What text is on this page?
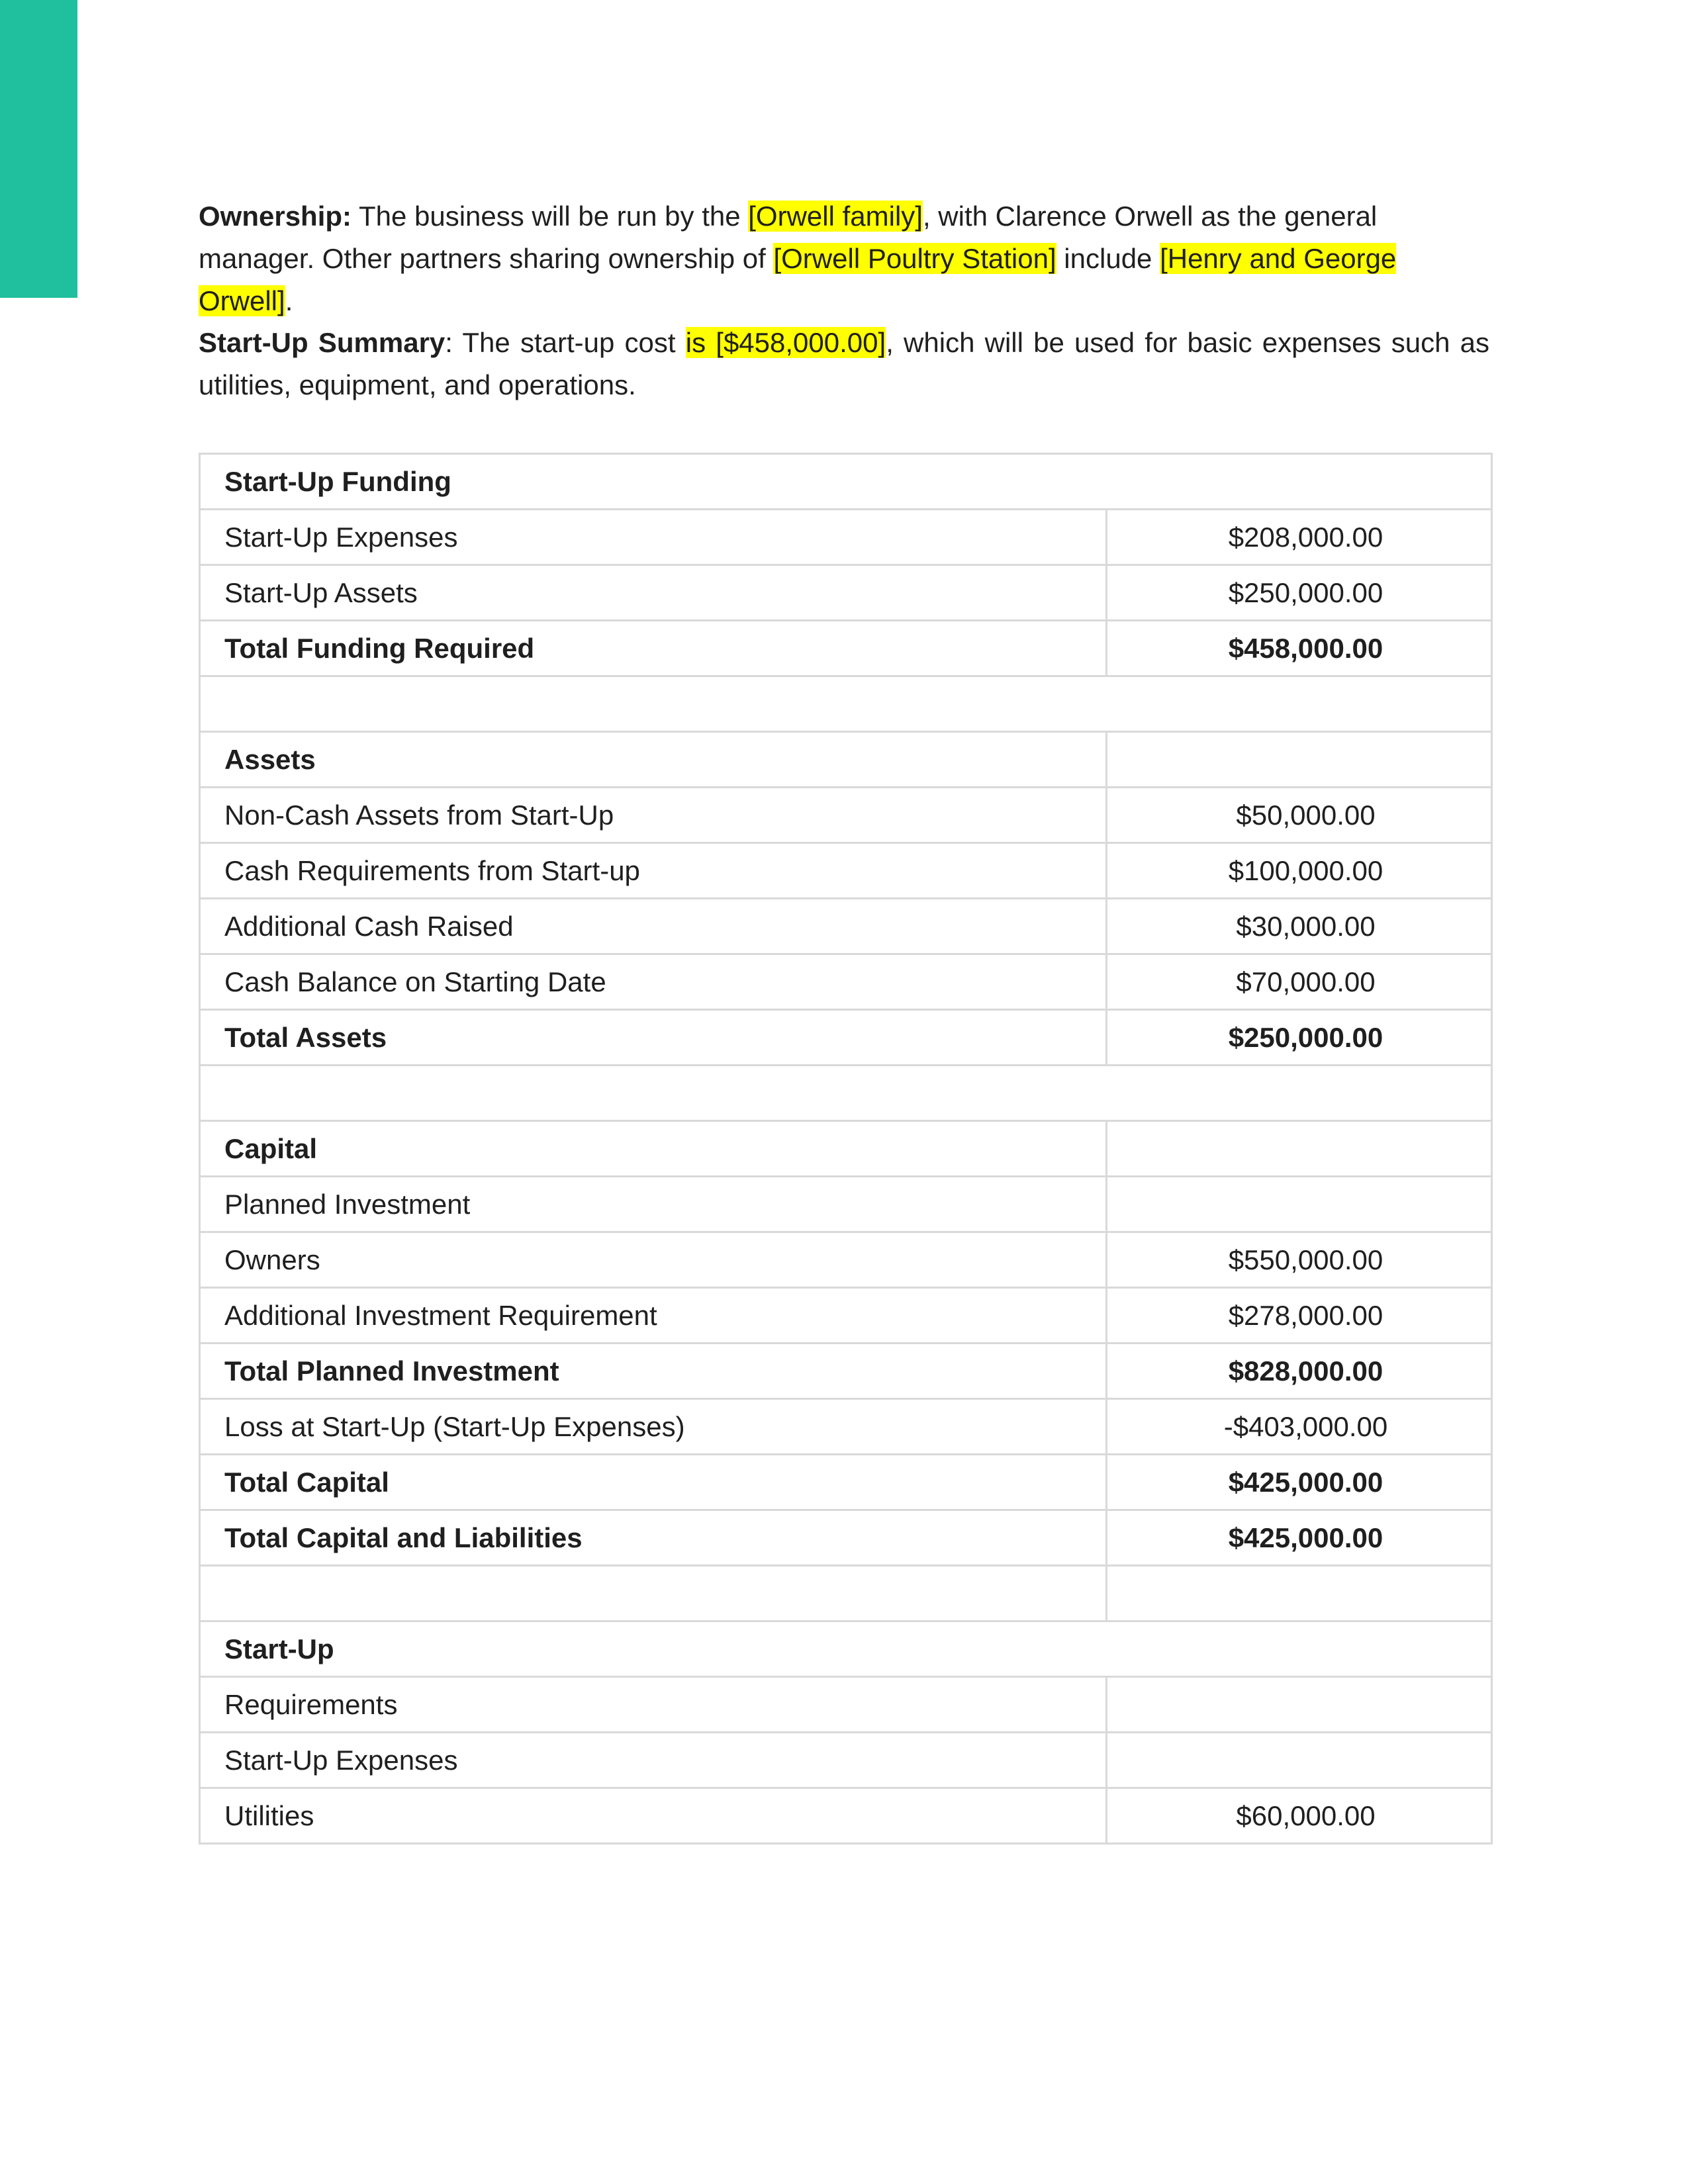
Ownership: The business will be run by the [Orwell family], with Clarence Orwell as the general manager. Other partners sharing ownership of [Orwell Poultry Station] include [Henry and George Orwell].

Start-Up Summary: The start-up cost is [$458,000.00], which will be used for basic expenses such as utilities, equipment, and operations.

Start-Up Funding	
Start-Up Expenses	$208,000.00
Start-Up Assets	$250,000.00
Total Funding Required	$458,000.00

Assets	
Non-Cash Assets from Start-Up	$50,000.00
Cash Requirements from Start-up	$100,000.00
Additional Cash Raised	$30,000.00
Cash Balance on Starting Date	$70,000.00
Total Assets	$250,000.00

Capital	
Planned Investment	
Owners	$550,000.00
Additional Investment Requirement	$278,000.00
Total Planned Investment	$828,000.00
Loss at Start-Up (Start-Up Expenses)	-$403,000.00
Total Capital	$425,000.00
Total Capital and Liabilities	$425,000.00

Start-Up	
Requirements	
Start-Up Expenses	
Utilities	$60,000.00
